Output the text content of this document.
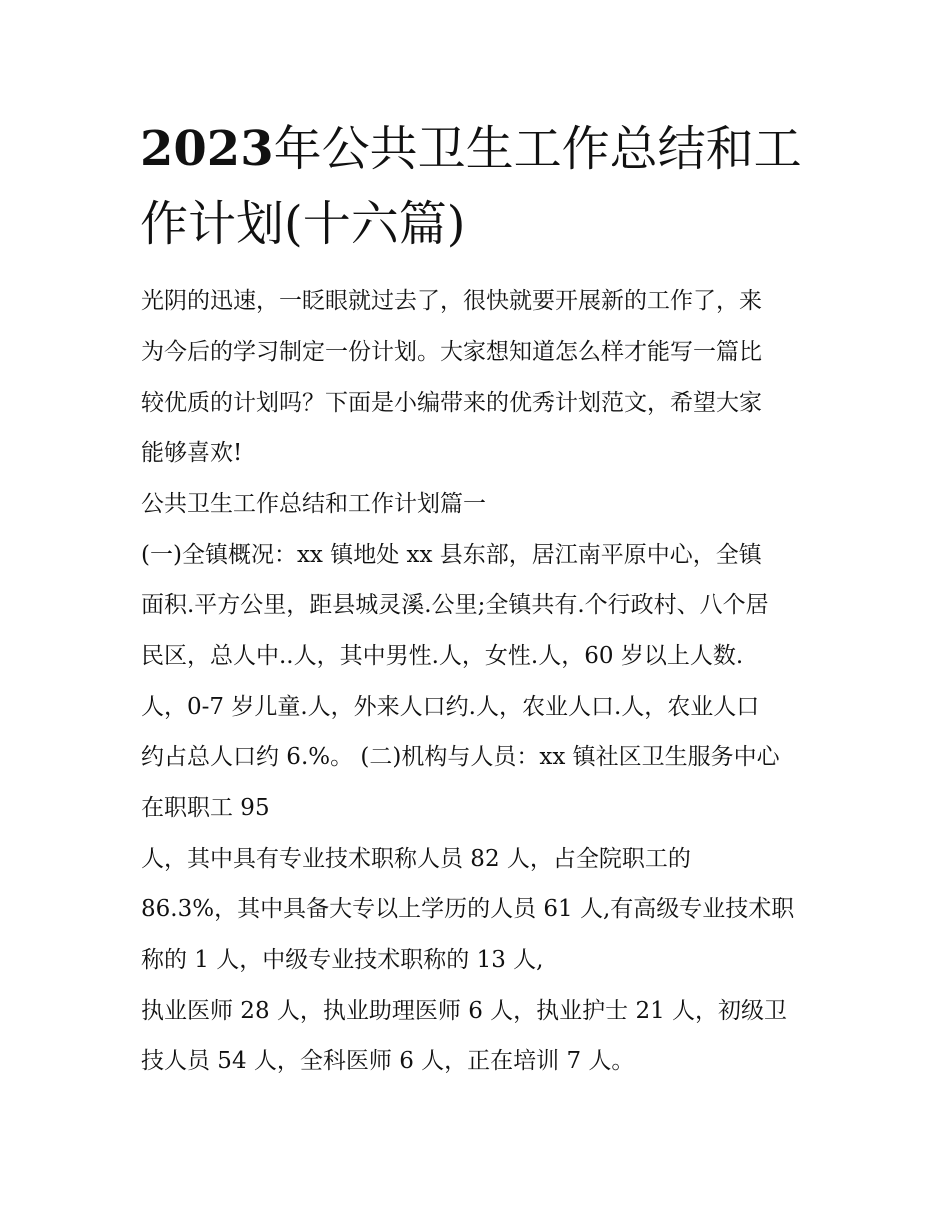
2023年公共卫生工作总结和工
作计划(十六篇)

光阴的迅速，一眨眼就过去了，很快就要开展新的工作了，来

为今后的学习制定一份计划。大家想知道怎么样才能写一篇比

较优质的计划吗？下面是小编带来的优秀计划范文，希望大家

能够喜欢!

公共卫生工作总结和工作计划篇一

(一)全镇概况：xx 镇地处 xx 县东部，居江南平原中心，全镇

面积.平方公里，距县城灵溪.公里;全镇共有.个行政村、八个居

民区，总人中..人，其中男性.人，女性.人，60 岁以上人数.

人，0-7 岁儿童.人，外来人口约.人，农业人口.人，农业人口

约占总人口约 6.%。 (二)机构与人员：xx 镇社区卫生服务中心

在职职工 95

人，其中具有专业技术职称人员 82 人，占全院职工的

86.3%，其中具备大专以上学历的人员 61 人,有高级专业技术职

称的 1 人，中级专业技术职称的 13 人,

执业医师 28 人，执业助理医师 6 人，执业护士 21 人，初级卫

技人员 54 人，全科医师 6 人，正在培训 7 人。
